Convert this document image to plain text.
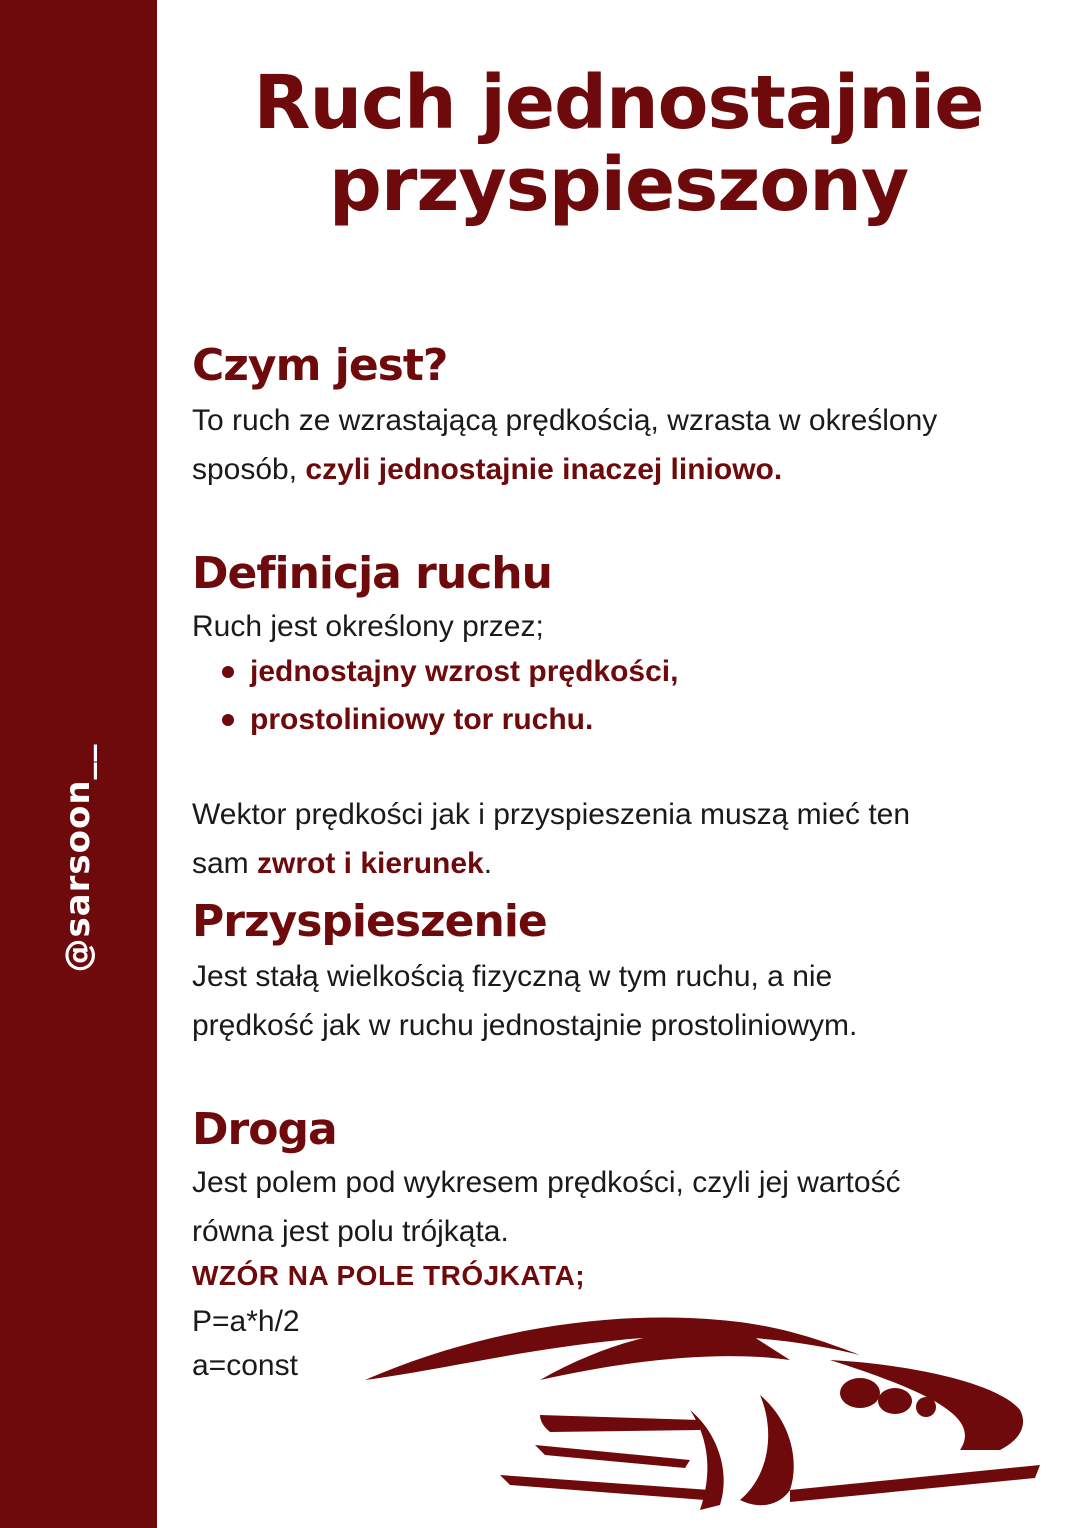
@sarsoon__
Ruch jednostajnie
przyspieszony
Czym jest?
To ruch ze wzrastającą prędkością, wzrasta w określony sposób, czyli jednostajnie inaczej liniowo.
Definicja ruchu
Ruch jest określony przez;
jednostajny wzrost prędkości,
prostoliniowy tor ruchu.
Wektor prędkości jak i przyspieszenia muszą mieć ten sam zwrot i kierunek.
Przyspieszenie
Jest stałą wielkością fizyczną w tym ruchu, a nie prędkość jak w ruchu jednostajnie prostoliniowym.
Droga
Jest polem pod wykresem prędkości, czyli jej wartość równa jest polu trójkąta.
WZÓR NA POLE TRÓJKATA;
P=a*h/2
a=const
